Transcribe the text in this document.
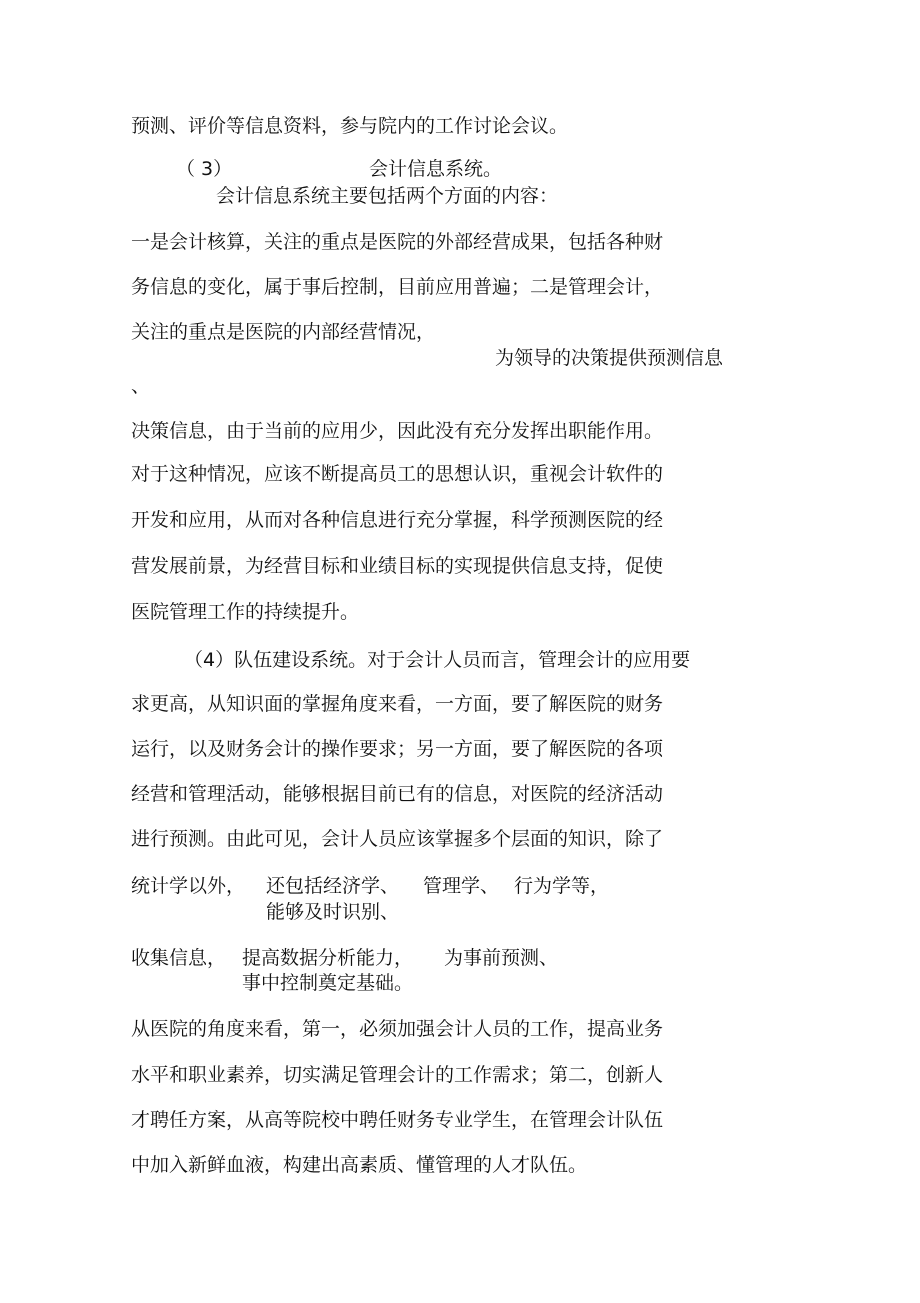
预测、评价等信息资料，参与院内的工作讨论会议。

（ 3）	会计信息系统。

会计信息系统主要包括两个方面的内容：

一是会计核算，关注的重点是医院的外部经营成果，包括各种财

务信息的变化，属于事后控制，目前应用普遍；二是管理会计，

关注的重点是医院的内部经营情况，

为领导的决策提供预测信息

、

决策信息，由于当前的应用少，因此没有充分发挥出职能作用。

对于这种情况，应该不断提高员工的思想认识，重视会计软件的

开发和应用，从而对各种信息进行充分掌握，科学预测医院的经

营发展前景，为经营目标和业绩目标的实现提供信息支持，促使

医院管理工作的持续提升。

（4）队伍建设系统。对于会计人员而言，管理会计的应用要

求更高，从知识面的掌握角度来看，一方面，要了解医院的财务

运行，以及财务会计的操作要求；另一方面，要了解医院的各项

经营和管理活动，能够根据目前已有的信息，对医院的经济活动

进行预测。由此可见，会计人员应该掌握多个层面的知识，除了

统计学以外， 还包括经济学、 管理学、 行为学等，

能够及时识别、

收集信息， 提高数据分析能力， 为事前预测、

事中控制奠定基础。

从医院的角度来看，第一，必须加强会计人员的工作，提高业务

水平和职业素养，切实满足管理会计的工作需求；第二，创新人

才聘任方案，从高等院校中聘任财务专业学生，在管理会计队伍

中加入新鲜血液，构建出高素质、懂管理的人才队伍。
